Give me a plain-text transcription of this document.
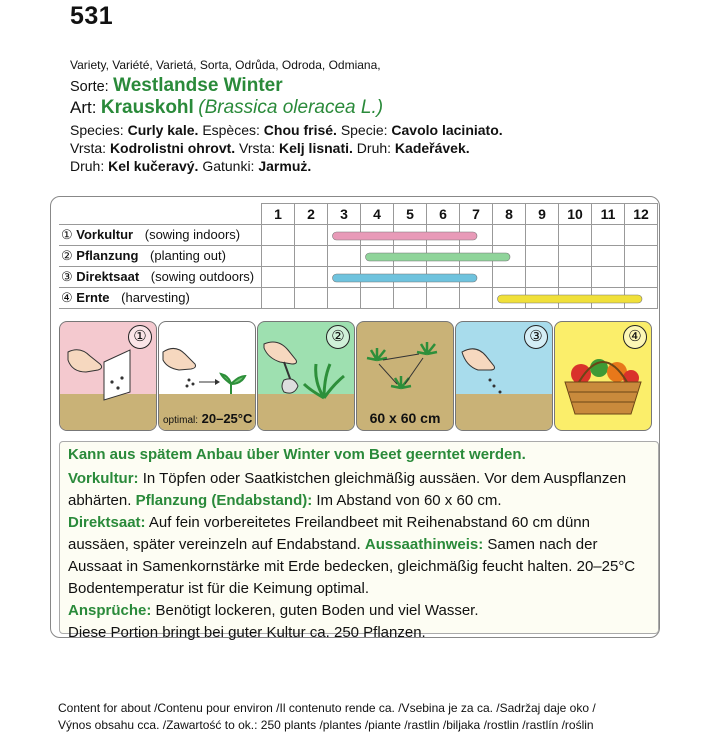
531
Variety, Variété, Varietá, Sorta, Odrůda, Odroda, Odmiana,
Sorte: Westlandse Winter
Art: Krauskohl (Brassica oleracea L.)
Species: Curly kale. Espèces: Chou frisé. Specie: Cavolo laciniato.
Vrsta: Kodrolistni ohrovt. Vrsta: Kelj lisnati. Druh: Kadeřávek.
Druh: Kel kučeravý. Gatunki: Jarmuż.
	1	2	3	4	5	6	7	8	9	10	11	12
① Vorkultur (sowing indoors)												
② Pflanzung (planting out)												
③ Direktsaat (sowing outdoors)												
④ Ernte (harvesting)												
①
optimal: 20–25°C
②
60 x 60 cm
③	④

Kann aus spätem Anbau über Winter vom Beet geerntet werden.

Vorkultur: In Töpfen oder Saatkistchen gleichmäßig aussäen. Vor dem Auspflanzen abhärten. Pflanzung (Endabstand): Im Abstand von 60 x 60 cm.

Direktsaat: Auf fein vorbereitetes Freilandbeet mit Reihenabstand 60 cm dünn aussäen, später vereinzeln auf Endabstand. Aussaathinweis: Samen nach der Aussaat in Samenkornstärke mit Erde bedecken, gleichmäßig feucht halten. 20–25°C Bodentemperatur ist für die Keimung optimal.

Ansprüche: Benötigt lockeren, guten Boden und viel Wasser.

Diese Portion bringt bei guter Kultur ca. 250 Pflanzen.

Content for about /Contenu pour environ /Il contenuto rende ca. /Vsebina je za ca. /Sadržaj daje oko /
Výnos obsahu cca. /Zawartość to ok.: 250 plants /plantes /piante /rastlin /biljaka /rostlin /rastlín /roślin
